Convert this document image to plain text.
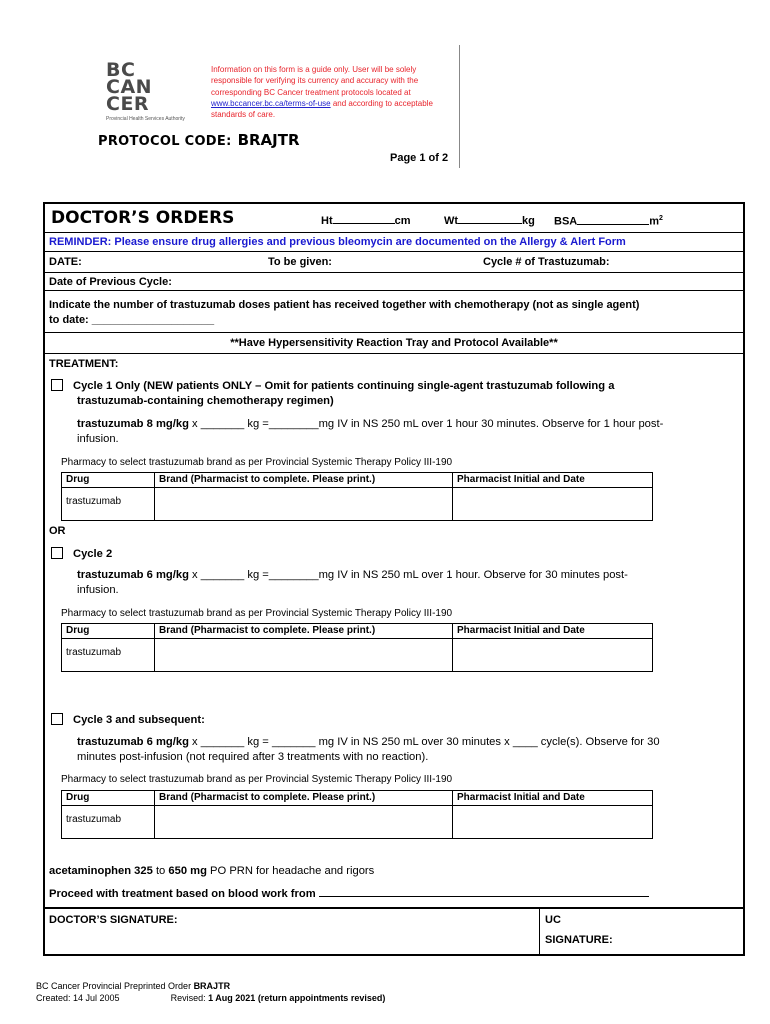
BC
CAN
CER
Provincial Health Services Authority
Information on this form is a guide only. User will be solely responsible for verifying its currency and accuracy with the corresponding BC Cancer treatment protocols located at www.bccancer.bc.ca/terms-of-use and according to acceptable standards of care.
PROTOCOL CODE: BRAJTR
Page 1 of 2
DOCTOR’S ORDERS	Ht	cm	Wt	kg BSA	$m^2$
REMINDER: Please ensure drug allergies and previous bleomycin are documented on the Allergy & Alert Form
DATE:	To be given:	Cycle # of Trastuzumab:
Date of Previous Cycle:
Indicate the number of trastuzumab doses patient has received together with chemotherapy (not as single agent)
to date: ____________________
**Have Hypersensitivity Reaction Tray and Protocol Available**
TREATMENT:
Cycle 1 Only (NEW patients ONLY – Omit for patients continuing single-agent trastuzumab following a
trastuzumab-containing chemotherapy regimen)
trastuzumab 8 mg/kg x _______ kg =________mg IV in NS 250 mL over 1 hour 30 minutes. Observe for 1 hour post-
infusion.
Pharmacy to select trastuzumab brand as per Provincial Systemic Therapy Policy III-190
Drug	Brand (Pharmacist to complete. Please print.)	Pharmacist Initial and Date
trastuzumab		
OR
Cycle 2
trastuzumab 6 mg/kg x _______ kg =________mg IV in NS 250 mL over 1 hour. Observe for 30 minutes post-
infusion.
Pharmacy to select trastuzumab brand as per Provincial Systemic Therapy Policy III-190
Drug	Brand (Pharmacist to complete. Please print.)	Pharmacist Initial and Date
trastuzumab		
Cycle 3 and subsequent:
trastuzumab 6 mg/kg x _______ kg = _______ mg IV in NS 250 mL over 30 minutes x ____ cycle(s). Observe for 30
minutes post-infusion (not required after 3 treatments with no reaction).
Pharmacy to select trastuzumab brand as per Provincial Systemic Therapy Policy III-190
Drug	Brand (Pharmacist to complete. Please print.)	Pharmacist Initial and Date
trastuzumab		
acetaminophen 325 to 650 mg PO PRN for headache and rigors
Proceed with treatment based on blood work from
DOCTOR’S SIGNATURE:	UC
SIGNATURE:
BC Cancer Provincial Preprinted Order BRAJTR
Created: 14 Jul 2005	Revised: 1 Aug 2021 (return appointments revised)
